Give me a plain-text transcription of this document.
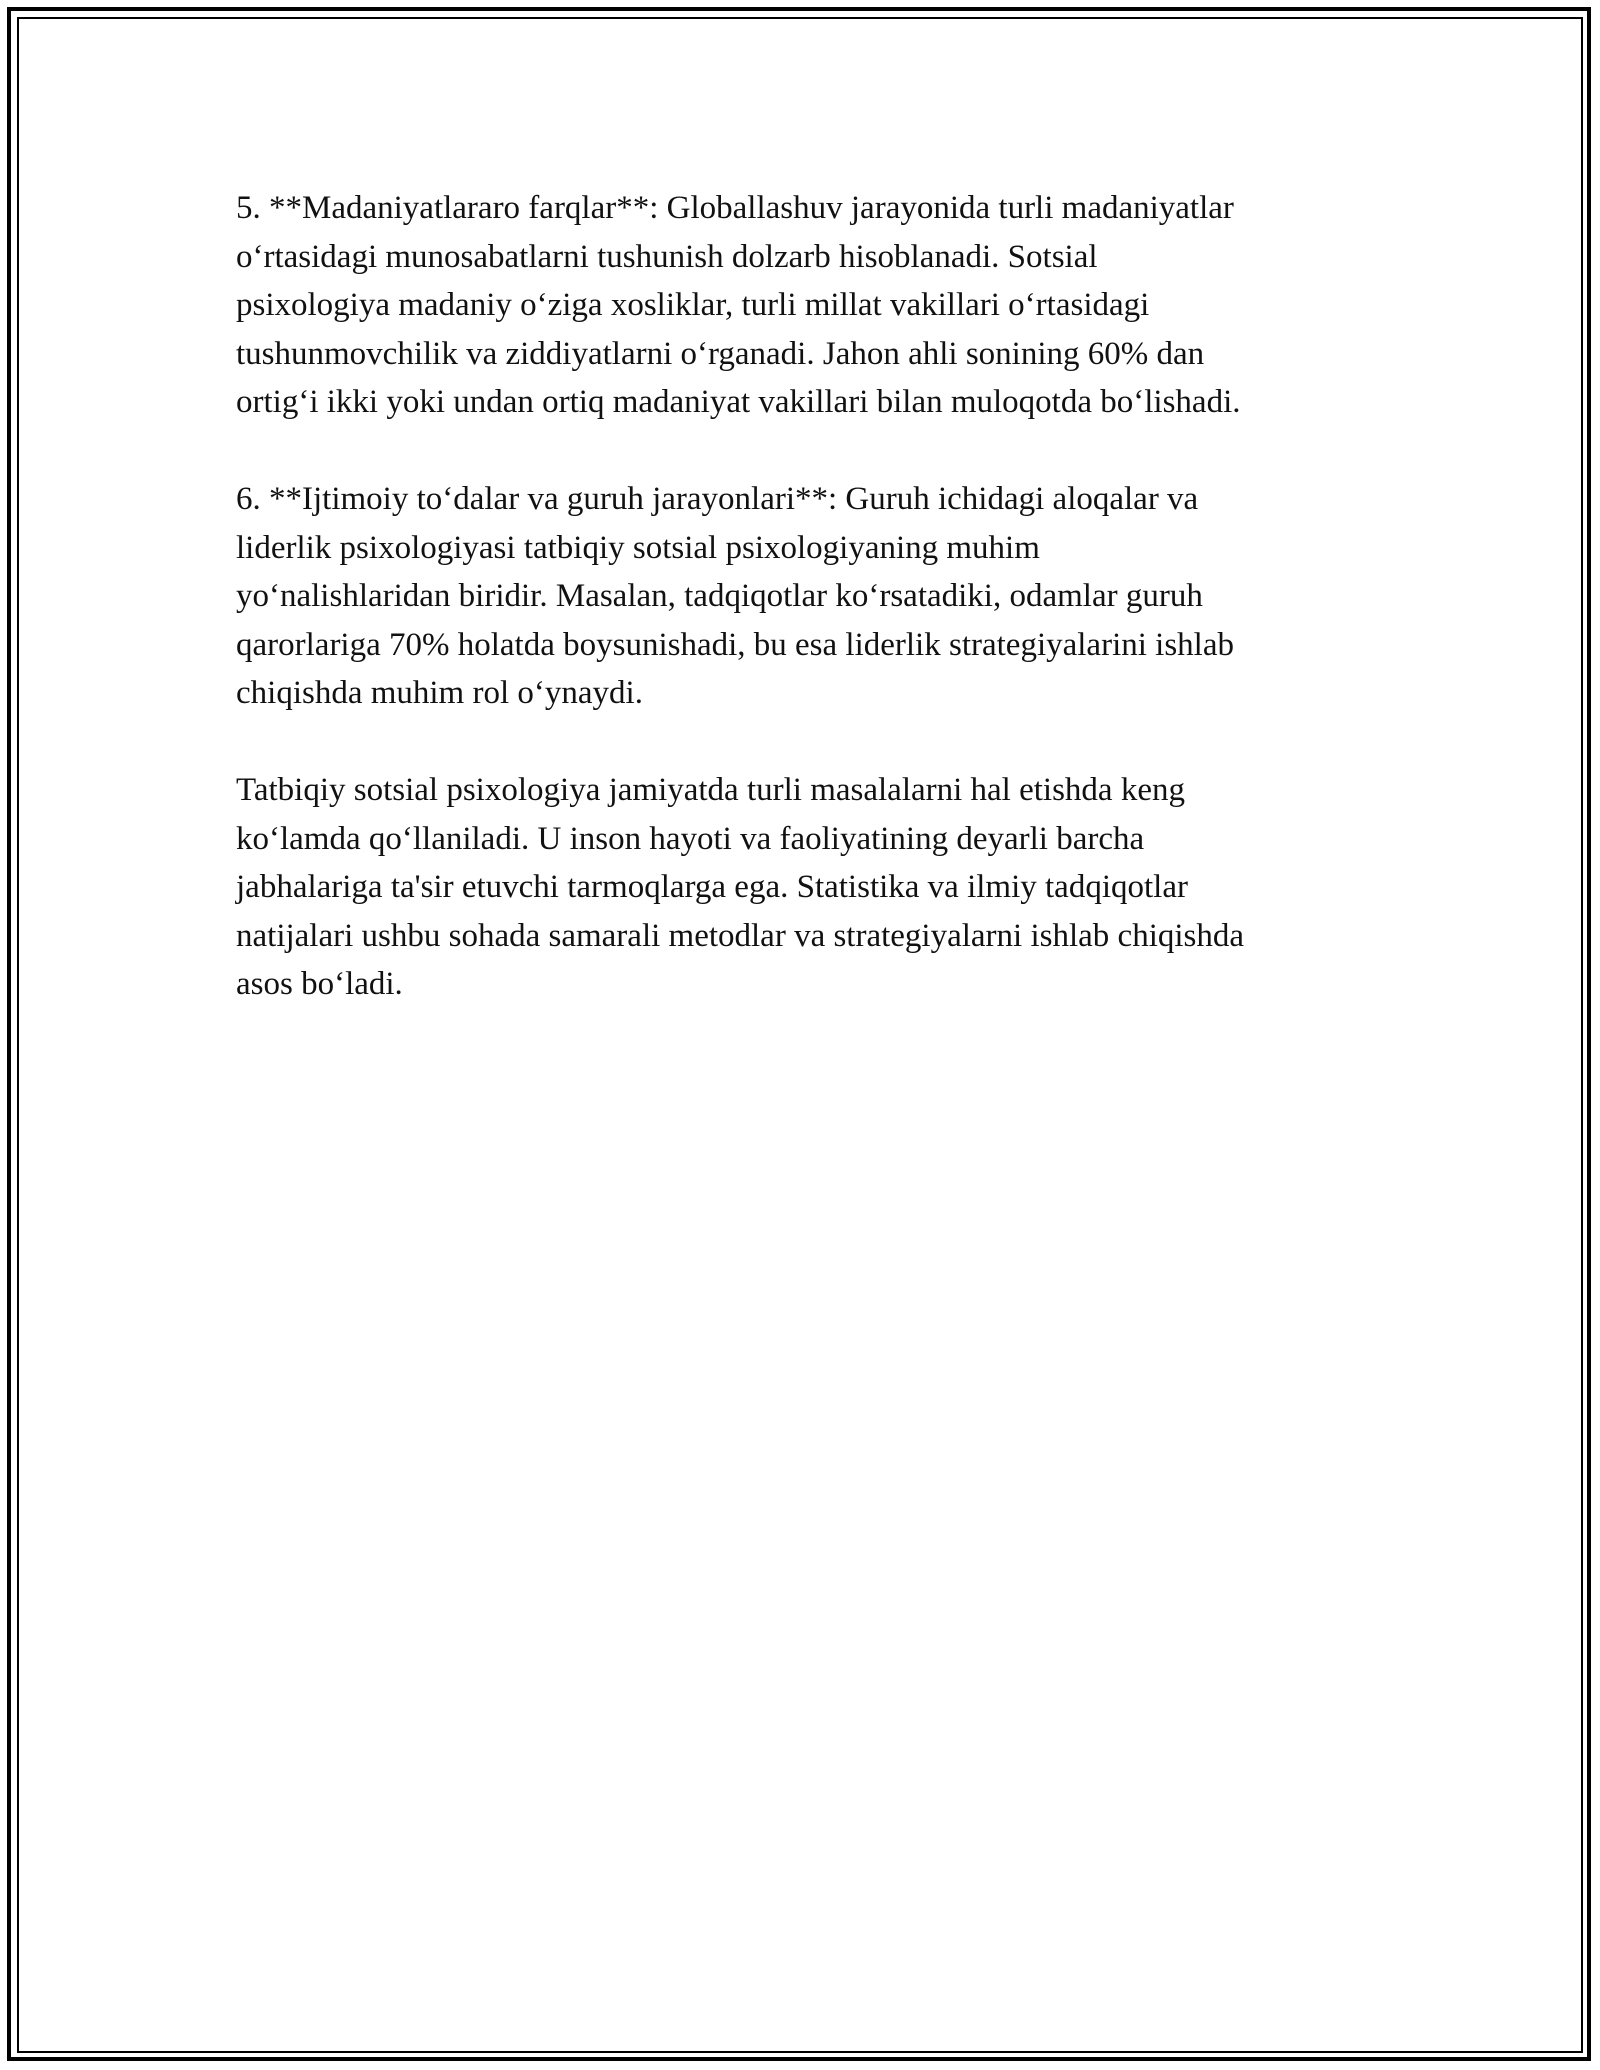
5. **Madaniyatlararo farqlar**: Globallashuv jarayonida turli madaniyatlar
o‘rtasidagi munosabatlarni tushunish dolzarb hisoblanadi. Sotsial
psixologiya madaniy o‘ziga xosliklar, turli millat vakillari o‘rtasidagi
tushunmovchilik va ziddiyatlarni o‘rganadi. Jahon ahli sonining 60% dan
ortig‘i ikki yoki undan ortiq madaniyat vakillari bilan muloqotda bo‘lishadi.

6. **Ijtimoiy to‘dalar va guruh jarayonlari**: Guruh ichidagi aloqalar va
liderlik psixologiyasi tatbiqiy sotsial psixologiyaning muhim
yo‘nalishlaridan biridir. Masalan, tadqiqotlar ko‘rsatadiki, odamlar guruh
qarorlariga 70% holatda boysunishadi, bu esa liderlik strategiyalarini ishlab
chiqishda muhim rol o‘ynaydi.

Tatbiqiy sotsial psixologiya jamiyatda turli masalalarni hal etishda keng
ko‘lamda qo‘llaniladi. U inson hayoti va faoliyatining deyarli barcha
jabhalariga ta'sir etuvchi tarmoqlarga ega. Statistika va ilmiy tadqiqotlar
natijalari ushbu sohada samarali metodlar va strategiyalarni ishlab chiqishda
asos bo‘ladi.
